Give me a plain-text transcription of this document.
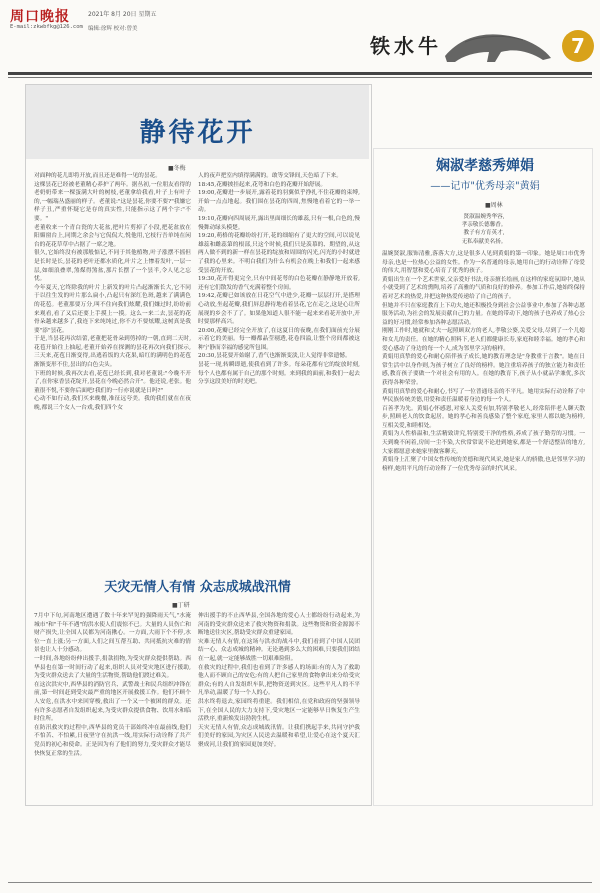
周口晚报	2021年 8月 20日 星期五
E-mail:zkwbfkg@126.com 编辑:徐辉 校对:曾美
铁水牛	7
静待花开
■冬梅
对面种的花儿即将开放,而且还是难得一见的昙花。
这棵昙花已经被老董精心养护了两年。据丛初,一位朋友看得的老奶奶带来一棵蛋满大叶的树枝,老董拿给我看,叶子上有叶子的,一幅瑞丛盛丽的样子。老董说:"这是昙花,你要不要?"我嫌它样子丑,严重怀疑它是存的真实性,只能指示这了两个字:"不要。"
老董收来一个青白瓷的大花盆,把叶片剪掉了小段,把花盆放在阳媚窗台上,同期之余会与它侃侃大,悦他用,它枝行吾单纯在闲台的花花草草中占据了一席之地。
很久,它始终没有被那般惦记,不同于其他植物,叶子涨摆不摇但是长时是长,昙花的老叶还都水质化,叶片之上惨着发叶,一层一层,如细浪叠翠,煞煤得煞盆,那片长摆了一个昙半,令人见之忘忧。
今年夏天,它终除我的叶片上新发的叶片凸起渐渐长大,它不同于以往生发的叶片那么扁小,凸起只有深红色斑,越来了满满色的花苞。老董那要万分,叫不住向我们炫耀,我们嫌过时,纷纷前来观看,看了又后还要上手摸上一摸。这么一来二去,昙花的花骨朵越来越多了,我连下来纯纯过,你不方不要炫耀,这树真是我要"添"昙花。
于是,当昙花再次结蕾,老董把花骨朵到剪掉的一朝,直到二天时,花苞开始往上抽起,老董开始养在探测的昙花再次向我们探示,三天来,花苞日渐变得,出逃着饭的大花果,暗红的满明色的花苞渐渐变形不住,昙出的白色尖头。
下班的时候,我再次去看,花苞已经长到,我对老董说:"今晚不开了,在你家香昙花绽开,昙花在今晚必然合开"。他还说,老张。他董很不悦,不要你后面吧!我们的一行亦说就是日吗?"
心动不如行动,我们买来晚餐,准征远夸美。我的我们就在在夜晚,都说三个女人一台戏,我们四个女
人的夜声把室内填得满满的。敢等交锋间,天色暗了下来。
18:45,花瓣披挂起来,花萼和白色的花瓣开始舒展。
19:00,花瓣进一步展开,露着花的羽翼似乎挣扎不住花瓣的束缚,开始一点点地起。我们围在昙花的四周,焦慢地看着它的一举一动。
19:10,花瓣向四周展开,露出里面细长的雄蕊,只有一根,白色的,慢慢舞动绿头模楚。
19:20,萌格的花瓣纷纷打开,花的细缩有了更大的空间,可以说见雄蕊和雌蕊第的根部,只这个时候,我们只是羡慕的、期望的,从这两人做不到的新一样在昙花的绽放和周围的闪光,闪光的小时就进了我的心里来。不明白我们为什么有机会在晚上和我们一起来感受昙花的开放。
19:30,花开得更完全,只有中间花萼的白色花瓣在静静地开放着,还有它们散发的香气充满着整个房间。
19:42,花瓣已如该放在日花空气中进少,花瓣一层层打开,是搭理心动放,坐起花瓣,我们屏息静待地看着昙花,它在走之,这是心让所展现的乡会不了了。如果他知道人很不能一起来来看花开放中,开时要那样高兴。
20:00,花瓣已经完全开放了,在这夏日的夜晚,在我们面前充分展示着它的美丽。每一瓣都晶莹剔透,花卷四溢,让整个房间都被这种宁静而幸福的感觉所包围。
20:30,昙花要开始谢了,香气也渐渐变淡,让人觉得非常遗憾。
昙花一现,转瞬即逝,使我看到了许多。每朵花都有它的绽放时刻,每个人也都有属于自己的那个时刻。来到我的面前,和我们一起去分享这段美好的时光吧。
天灾无情人有情 众志成城战汛情
■丁研
7月中下旬,河南地区遭遇了数十年来罕见的强降雨天气,"水淹城市"和"千年不遇"的洪水使人们震惊不已。大量的人员伤亡和财产损失,让全国人民都为河南揪心。一方面,大雨下个不停,水位一直上涨;另一方面,人们之间互帮互助、共同抵抗灾难的情景也让人十分感动。
一时间,各地纷纷伸出援手,捐款捐物,为受灾群众提供帮助。西华县也在第一时间行动了起来,组织人员对受灾地区进行援助,为受灾群众送去了大量的生活物资,帮助他们渡过难关。
在这次洪灾中,西华县的消防官兵、武警战士和民兵组织冲锋在前,第一时间赶到受灾最严重的地区开展救援工作。他们不顾个人安危,在洪水中来回穿梭,救出了一个又一个被困的群众。还有许多志愿者自发组织起来,为受灾群众提供食物、饮用水和临时住所。
在防汛救灾的过程中,西华县的党员干部始终冲在最前线,他们不怕苦、不怕累,日夜坚守在抗洪一线,用实际行动诠释了共产党员的初心和使命。正是因为有了他们的努力,受灾群众才能尽快恢复正常的生活。
伸出援手的不止西华县,全国各地的爱心人士都纷纷行动起来,为河南的受灾群众送来了救灾物资和捐款。这些物资和资金源源不断地送往灾区,帮助受灾群众重建家园。
灾难无情人有情,在这场与洪水的战斗中,我们看到了中国人民团结一心、众志成城的精神。无论遇到多么大的困难,只要我们团结在一起,就一定能够战胜一切艰难险阻。
在救灾的过程中,我们也看到了许多感人的场面:有的人为了救助他人而不顾自己的安危;有的人把自己家里的食物拿出来分给受灾群众;有的人自发组织车队,把物资送到灾区。这些平凡人的不平凡举动,温暖了每一个人的心。
洪水终将退去,家园终将重建。我们相信,在党和政府的坚强领导下,在全国人民的大力支持下,受灾地区一定能够早日恢复生产生活秩序,重新焕发出勃勃生机。
天灾无情人有情,众志成城战汛情。让我们携起手来,共同守护我们美好的家园,为灾区人民送去温暖和希望,让爱心在这个夏天汇聚成河,让我们的家园更加美好。
娴淑孝慈秀婵娟
——记市"优秀母亲"黄娟
■周林
贤淑温婉秀华容,
孝亲敬长德馨香。
教子有方育英才,
无私奉献美名扬。
温婉贤淑,服饰清雅,落落大方,这是很多人见到黄娟的第一印象。她是周口市优秀母亲,也是一位热心公益的女性。作为一名普通的母亲,她用自己的行动诠释了母爱的伟大,用智慧和爱心培育了优秀的孩子。
黄娟出生在一个艺术世家,父亲爱好书法,母亲擅长绘画,在这样的家庭氛围中,她从小就受到了艺术的熏陶,培养了高雅的气质和良好的修养。参加工作后,她始终保持着对艺术的热爱,并把这种热爱传递给了自己的孩子。
但她并不只在家庭教育上下功夫,她还积极投身到社会公益事业中,参加了各种志愿服务活动,为社会的发展贡献自己的力量。在她的带动下,她的孩子也养成了热心公益的好习惯,经常参加各种志愿活动。
刚刚工作时,她就和丈夫一起照顾双方的老人,孝敬公婆,关爱父母,尽到了一个儿媳和女儿的责任。在她的精心照料下,老人们都健康长寿,家庭和睦幸福。她的孝心和爱心感动了身边的每一个人,成为邻里学习的榜样。
黄娟用真挚的爱心和耐心陪伴孩子成长,她的教育理念是"身教重于言教"。她在日常生活中以身作则,为孩子树立了良好的榜样。她注重培养孩子的独立能力和责任感,教育孩子要做一个对社会有用的人。在她的教育下,孩子从小就品学兼优,多次获得各种荣誉。
黄娟用真挚的爱心和耐心,书写了一位普通母亲的不平凡。她用实际行动诠释了中华民族传统美德,用爱和责任温暖着身边的每一个人。
百善孝为先。黄娟心怀感恩,对家人关爱有加,特别孝敬老人,经常陪伴老人聊天散步,照顾老人的饮食起居。她的孝心和善良感染了整个家庭,家里人都以她为榜样,互相关爱,和睦相处。
黄娟为人性格温和,生活精致讲究,特别爱干净的性格,养成了孩子勤劳的习惯。一天到晚不闲着,房间一尘不染,大伙常常说不论进到她家,都是一个舒适整洁的地方,大家都愿意来她家里做客聊天。
黄娟身上汇聚了中国女性传统的美德和现代风采,她是家人的骄傲,也是邻里学习的榜样,她用平凡的行动诠释了一位优秀母亲的时代风采。
